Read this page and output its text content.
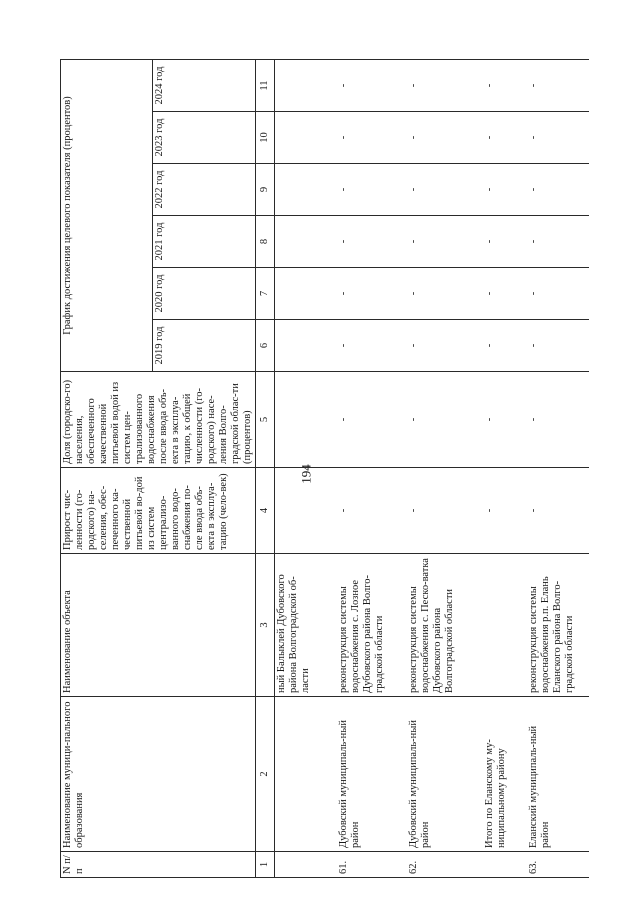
194
N п/п	Наименование муници-пального образования	Наименование объекта	Прирост чис-ленности (го-родского) на-селения, обес-печенного ка-чественной питьевой во-дой из систем централизо-ванного водо-снабжения по-сле ввода объ-екта в эксплуа-тацию (чело-век)	Доля (городско-го) населения, обеспеченного качественной питьевой водой из систем цен-трализованного водоснабжения после ввода объ-екта в эксплуа-тацию, к общей численности (го-родского) насе-ления Волго-градской облас-ти (процентов)	График достижения целевого показателя (процентов)					
					2019 год	2020 год	2021 год	2022 год	2023 год	2024 год
1	2	3	4	5	6	7	8	9	10	11
		ный Балыклей Дубовского района Волгоградской об-ласти								
61.	Дубовский муниципаль-ный район	реконструкция системы водоснабжения с. Лозное Дубовского района Волго-градской области	-	-	-	-	-	-	-	-
62.	Дубовский муниципаль-ный район	реконструкция системы водоснабжения с. Песко-ватка Дубовского района Волгоградской области	-	-	-	-	-	-	-	-
	Итого по Еланскому му-ниципальному району		-	-	-	-	-	-	-	-
63.	Еланский муниципаль-ный район	реконструкция системы водоснабжения р.п. Елань Еланского района Волго-градской области	-	-	-	-	-	-	-	-
